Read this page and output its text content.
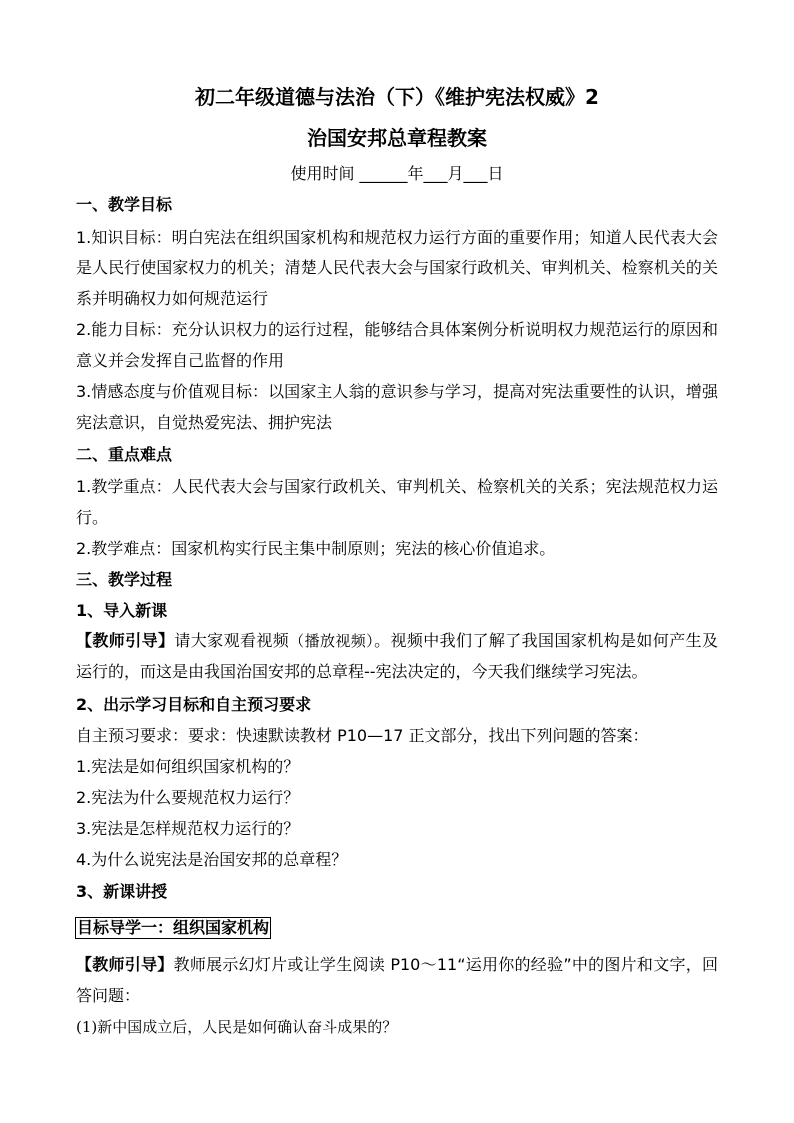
初二年级道德与法治（下）《维护宪法权威》2
治国安邦总章程教案
使用时间 ______年___月___日
一、教学目标
1.知识目标：明白宪法在组织国家机构和规范权力运行方面的重要作用；知道人民代表大会
是人民行使国家权力的机关；清楚人民代表大会与国家行政机关、审判机关、检察机关的关
系并明确权力如何规范运行
2.能力目标：充分认识权力的运行过程，能够结合具体案例分析说明权力规范运行的原因和
意义并会发挥自己监督的作用
3.情感态度与价值观目标：以国家主人翁的意识参与学习，提高对宪法重要性的认识，增强
宪法意识，自觉热爱宪法、拥护宪法
二、重点难点
1.教学重点：人民代表大会与国家行政机关、审判机关、检察机关的关系；宪法规范权力运
行。
2.教学难点：国家机构实行民主集中制原则；宪法的核心价值追求。
三、教学过程
1、导入新课
【教师引导】请大家观看视频（播放视频）。视频中我们了解了我国国家机构是如何产生及
运行的，而这是由我国治国安邦的总章程--宪法决定的，今天我们继续学习宪法。
2、出示学习目标和自主预习要求
自主预习要求：要求：快速默读教材 P10—17 正文部分，找出下列问题的答案：
1.宪法是如何组织国家机构的？
2.宪法为什么要规范权力运行？
3.宪法是怎样规范权力运行的？
4.为什么说宪法是治国安邦的总章程？
3、新课讲授
目标导学一：组织国家机构
【教师引导】教师展示幻灯片或让学生阅读 P10～11“运用你的经验”中的图片和文字，回
答问题：
(1)新中国成立后，人民是如何确认奋斗成果的？
